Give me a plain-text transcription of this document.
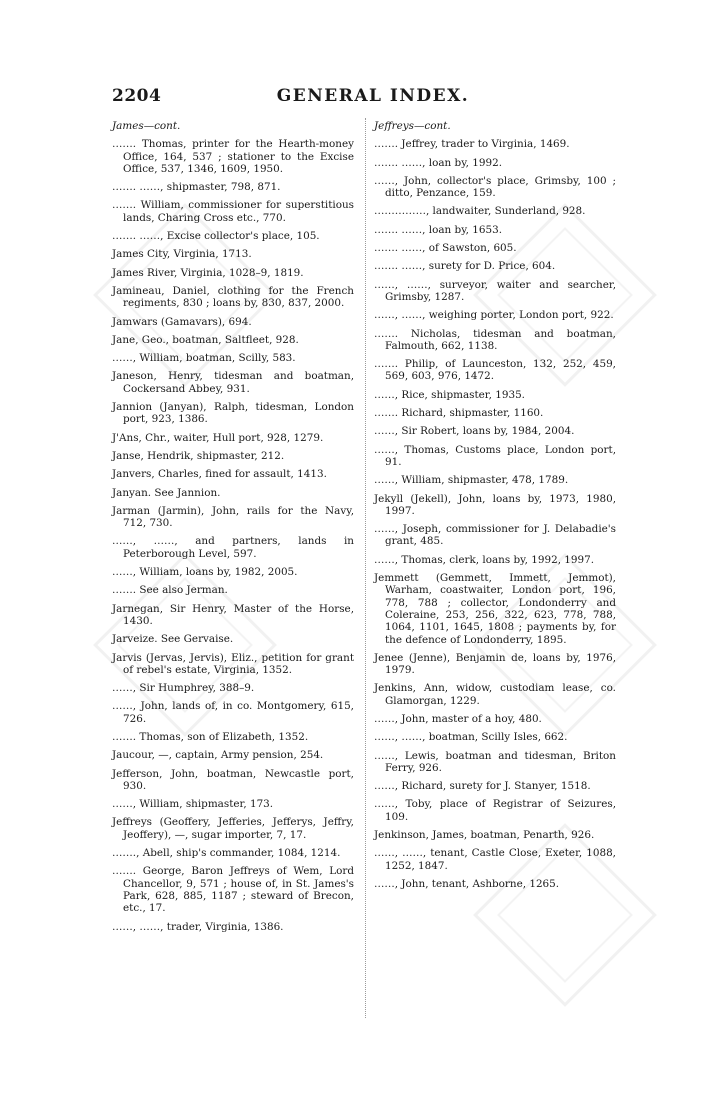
GENERAL INDEX.
2204
James—cont.
……. Thomas, printer for the Hearth-money Office, 164, 537 ; stationer to the Excise Office, 537, 1346, 1609, 1950.
……. ……, shipmaster, 798, 871.
……. William, commissioner for superstitious lands, Charing Cross etc., 770.
……. ……, Excise collector's place, 105.
James City, Virginia, 1713.
James River, Virginia, 1028–9, 1819.
Jamineau, Daniel, clothing for the French regiments, 830 ; loans by, 830, 837, 2000.
Jamwars (Gamavars), 694.
Jane, Geo., boatman, Saltfleet, 928.
……, William, boatman, Scilly, 583.
Janeson, Henry, tidesman and boatman, Cockersand Abbey, 931.
Jannion (Janyan), Ralph, tidesman, London port, 923, 1386.
J'Ans, Chr., waiter, Hull port, 928, 1279.
Janse, Hendrik, shipmaster, 212.
Janvers, Charles, fined for assault, 1413.
Janyan. See Jannion.
Jarman (Jarmin), John, rails for the Navy, 712, 730.
……, ……, and partners, lands in Peterborough Level, 597.
……, William, loans by, 1982, 2005.
……. See also Jerman.
Jarnegan, Sir Henry, Master of the Horse, 1430.
Jarveize. See Gervaise.
Jarvis (Jervas, Jervis), Eliz., petition for grant of rebel's estate, Virginia, 1352.
……, Sir Humphrey, 388–9.
……, John, lands of, in co. Montgomery, 615, 726.
……. Thomas, son of Elizabeth, 1352.
Jaucour, —, captain, Army pension, 254.
Jefferson, John, boatman, Newcastle port, 930.
……, William, shipmaster, 173.
Jeffreys (Geoffery, Jefferies, Jefferys, Jeffry, Jeoffery), —, sugar importer, 7, 17.
……., Abell, ship's commander, 1084, 1214.
……. George, Baron Jeffreys of Wem, Lord Chancellor, 9, 571 ; house of, in St. James's Park, 628, 885, 1187 ; steward of Brecon, etc., 17.
……, ……, trader, Virginia, 1386.
Jeffreys—cont.
……. Jeffrey, trader to Virginia, 1469.
……. ……, loan by, 1992.
……, John, collector's place, Grimsby, 100 ; ditto, Penzance, 159.
……………, landwaiter, Sunderland, 928.
……. ……, loan by, 1653.
……. ……, of Sawston, 605.
……. ……, surety for D. Price, 604.
……, ……, surveyor, waiter and searcher, Grimsby, 1287.
……, ……, weighing porter, London port, 922.
……. Nicholas, tidesman and boatman, Falmouth, 662, 1138.
……. Philip, of Launceston, 132, 252, 459, 569, 603, 976, 1472.
……, Rice, shipmaster, 1935.
……. Richard, shipmaster, 1160.
……, Sir Robert, loans by, 1984, 2004.
……, Thomas, Customs place, London port, 91.
……, William, shipmaster, 478, 1789.
Jekyll (Jekell), John, loans by, 1973, 1980, 1997.
……, Joseph, commissioner for J. Delabadie's grant, 485.
……, Thomas, clerk, loans by, 1992, 1997.
Jemmett (Gemmett, Immett, Jemmot), Warham, coastwaiter, London port, 196, 778, 788 ; collector, Londonderry and Coleraine, 253, 256, 322, 623, 778, 788, 1064, 1101, 1645, 1808 ; payments by, for the defence of Londonderry, 1895.
Jenee (Jenne), Benjamin de, loans by, 1976, 1979.
Jenkins, Ann, widow, custodiam lease, co. Glamorgan, 1229.
……, John, master of a hoy, 480.
……, ……, boatman, Scilly Isles, 662.
……, Lewis, boatman and tidesman, Briton Ferry, 926.
……, Richard, surety for J. Stanyer, 1518.
……, Toby, place of Registrar of Seizures, 109.
Jenkinson, James, boatman, Penarth, 926.
……, ……, tenant, Castle Close, Exeter, 1088, 1252, 1847.
……, John, tenant, Ashborne, 1265.
